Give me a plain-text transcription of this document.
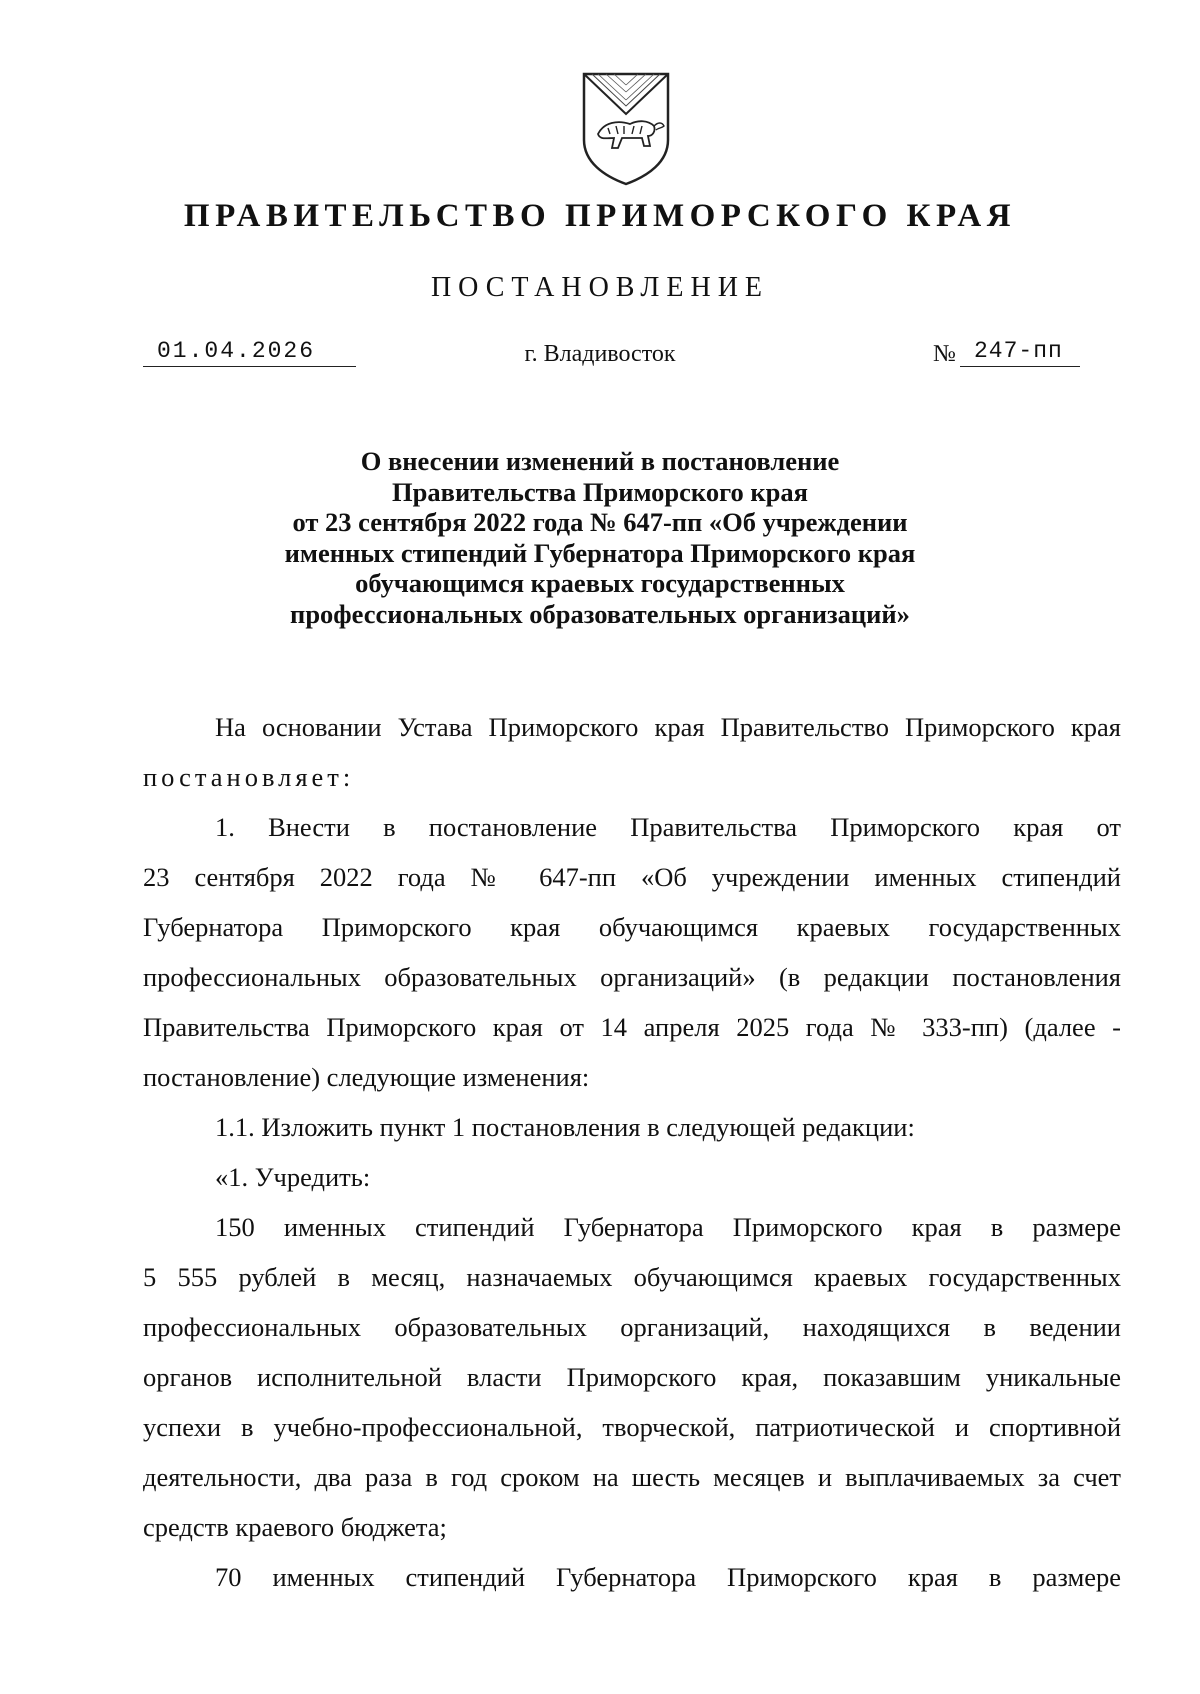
ПРАВИТЕЛЬСТВО ПРИМОРСКОГО КРАЯ
ПОСТАНОВЛЕНИЕ
01.04.2026	г. Владивосток	№ 247-пп
О внесении изменений в постановление
Правительства Приморского края
от 23 сентября 2022 года № 647-пп «Об учреждении
именных стипендий Губернатора Приморского края
обучающимся краевых государственных
профессиональных образовательных организаций»

На основании Устава Приморского края Правительство Приморского края
постановляет:

1. Внести в постановление Правительства Приморского края от
23 сентября 2022 года № 647-пп «Об учреждении именных стипендий
Губернатора Приморского края обучающимся краевых государственных
профессиональных образовательных организаций» (в редакции постановления
Правительства Приморского края от 14 апреля 2025 года № 333-пп) (далее -
постановление) следующие изменения:

1.1. Изложить пункт 1 постановления в следующей редакции:

«1. Учредить:

150 именных стипендий Губернатора Приморского края в размере
5 555 рублей в месяц, назначаемых обучающимся краевых государственных
профессиональных образовательных организаций, находящихся в ведении
органов исполнительной власти Приморского края, показавшим уникальные
успехи в учебно-профессиональной, творческой, патриотической и спортивной
деятельности, два раза в год сроком на шесть месяцев и выплачиваемых за счет
средств краевого бюджета;

70 именных стипендий Губернатора Приморского края в размере
